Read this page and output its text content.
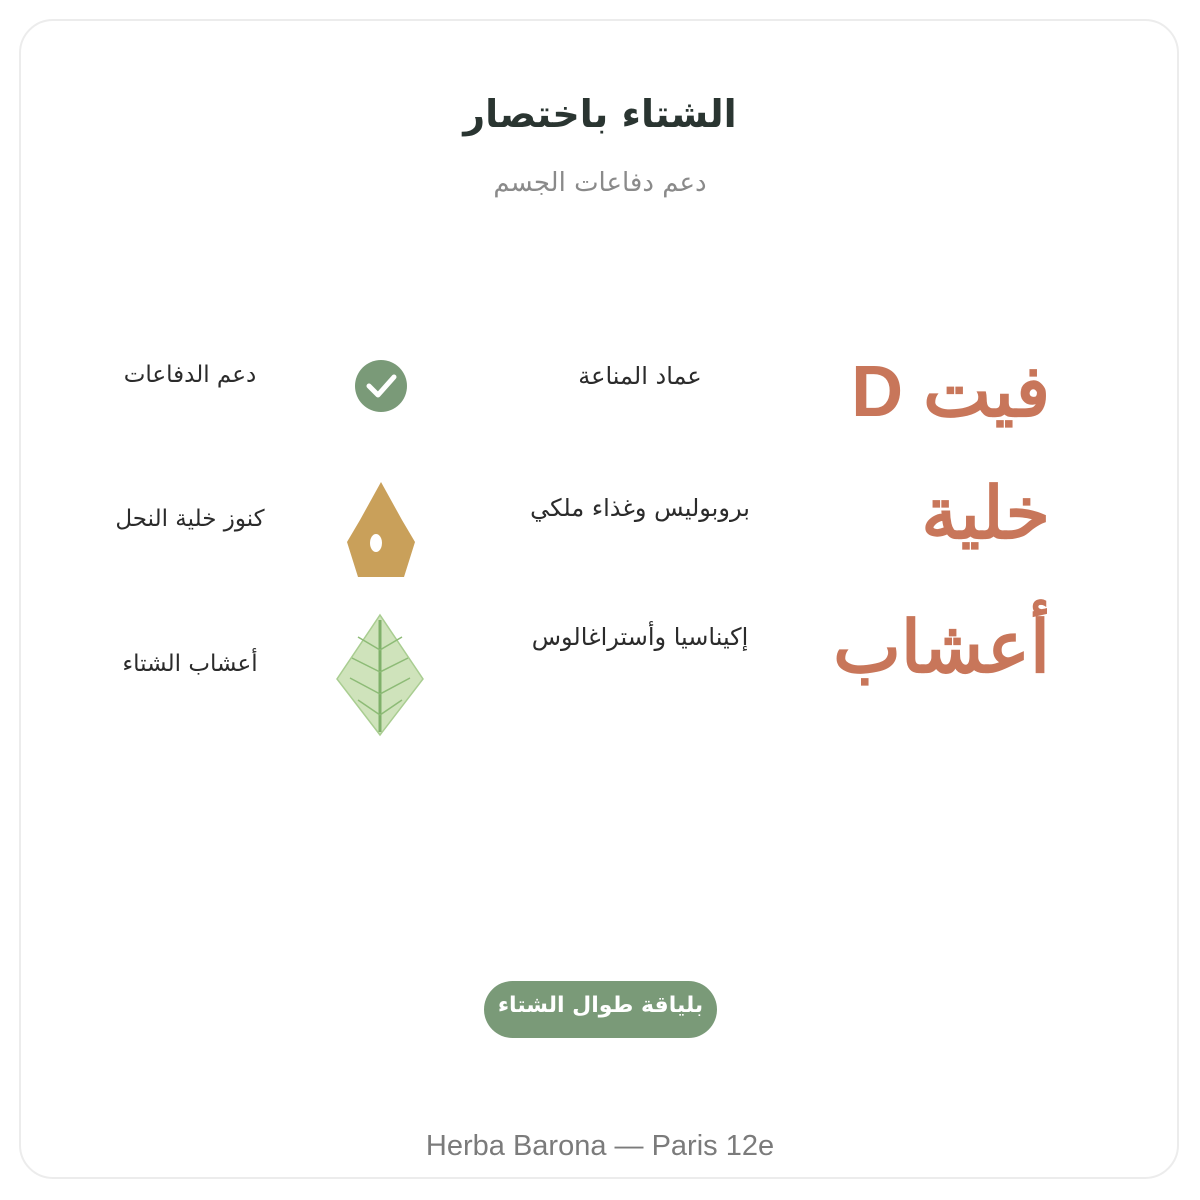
الشتاء باختصار
دعم دفاعات الجسم
فيت D
عماد المناعة
دعم الدفاعات
خلية
بروبوليس وغذاء ملكي
كنوز خلية النحل
أعشاب
إكيناسيا وأستراغالوس
أعشاب الشتاء
بلياقة طوال الشتاء
Herba Barona — Paris 12e
